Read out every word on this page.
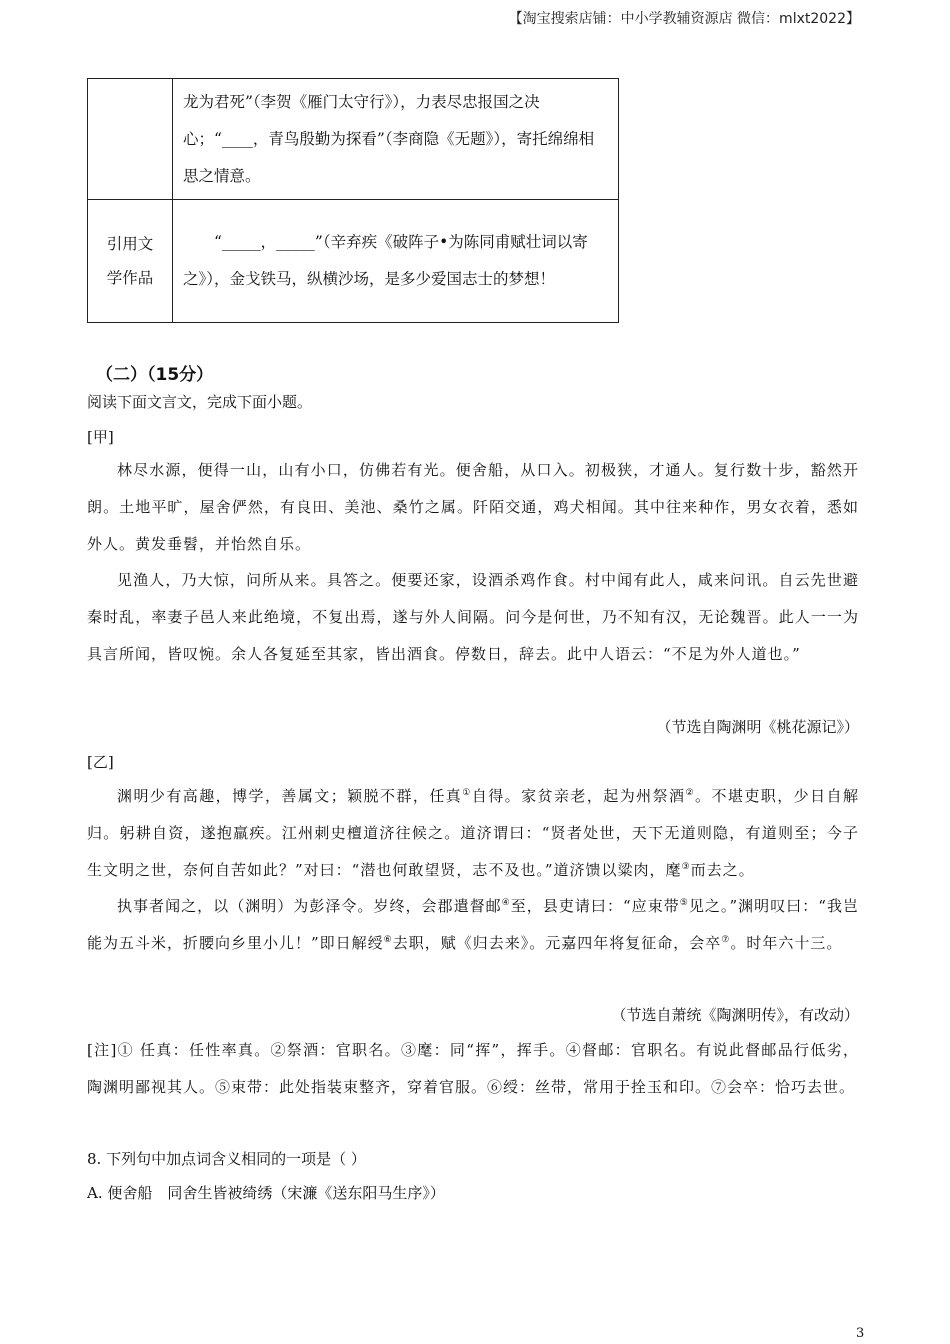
【淘宝搜索店铺：中小学教辅资源店 微信：mlxt2022】
	龙为君死”（李贺《雁门太守行》），力表尽忠报国之决心；“____，青鸟殷勤为探看”（李商隐《无题》），寄托绵绵相思之情意。

引用文学作品	“_____，_____”（辛弃疾《破阵子•为陈同甫赋壮词以寄之》），金戈铁马，纵横沙场，是多少爱国志士的梦想！
（二）（15分）
阅读下面文言文，完成下面小题。
[甲]
林尽水源，便得一山，山有小口，仿佛若有光。便舍船，从口入。初极狭，才通人。复行数十步，豁然开朗。土地平旷，屋舍俨然，有良田、美池、桑竹之属。阡陌交通，鸡犬相闻。其中往来种作，男女衣着，悉如外人。黄发垂髫，并怡然自乐。
见渔人，乃大惊，问所从来。具答之。便要还家，设酒杀鸡作食。村中闻有此人，咸来问讯。自云先世避秦时乱，率妻子邑人来此绝境，不复出焉，遂与外人间隔。问今是何世，乃不知有汉，无论魏晋。此人一一为具言所闻，皆叹惋。余人各复延至其家，皆出酒食。停数日，辞去。此中人语云：“不足为外人道也。”
（节选自陶渊明《桃花源记》）
[乙]
渊明少有高趣，博学，善属文；颖脱不群，任真①自得。家贫亲老，起为州祭酒②。不堪吏职，少日自解归。躬耕自资，遂抱羸疾。江州刺史檀道济往候之。道济谓曰：“贤者处世，天下无道则隐，有道则至；今子生文明之世，奈何自苦如此？”对曰：“潜也何敢望贤，志不及也。”道济馈以粱肉，麾③而去之。
执事者闻之，以（渊明）为彭泽令。岁终，会郡遣督邮④至，县吏请曰：“应束带⑤见之。”渊明叹曰：“我岂能为五斗米，折腰向乡里小儿！”即日解绶⑥去职，赋《归去来》。元嘉四年将复征命，会卒⑦。时年六十三。
（节选自萧统《陶渊明传》，有改动）
[注]① 任真：任性率真。②祭酒：官职名。③麾：同“挥”，挥手。④督邮：官职名。有说此督邮品行低劣，陶渊明鄙视其人。⑤束带：此处指装束整齐，穿着官服。⑥绶：丝带，常用于拴玉和印。⑦会卒：恰巧去世。
8. 下列句中加点词含义相同的一项是（ ）
A. 便舍船　同舍生皆被绮绣（宋濂《送东阳马生序》）
3
